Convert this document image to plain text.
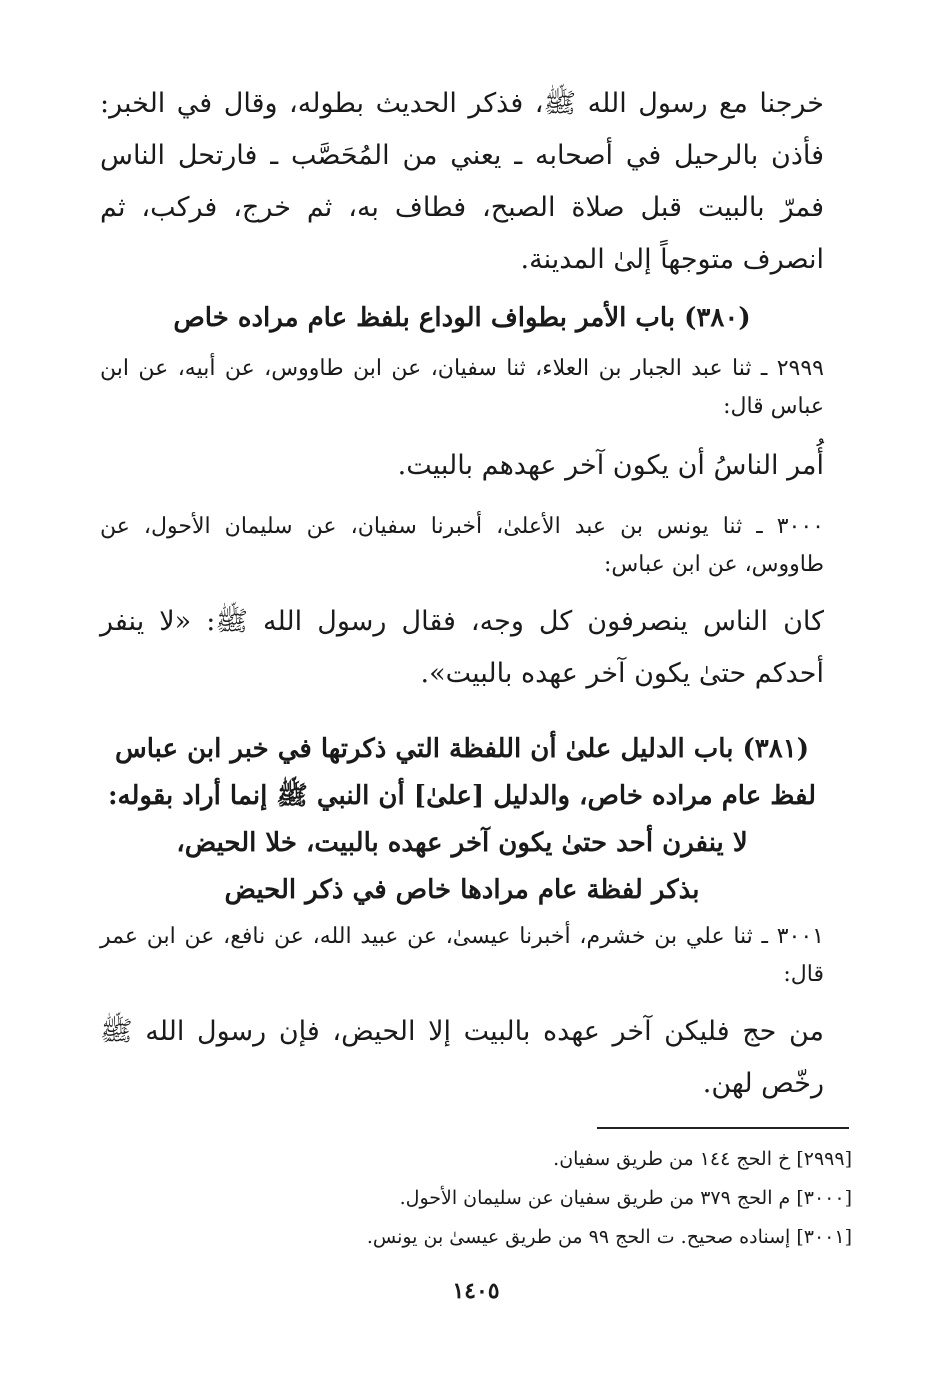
خرجنا مع رسول الله ﷺ، فذكر الحديث بطوله، وقال في الخبر: فأذن بالرحيل في أصحابه ـ يعني من المُحَصَّب ـ فارتحل الناس فمرّ بالبيت قبل صلاة الصبح، فطاف به، ثم خرج، فركب، ثم انصرف متوجهاً إلىٰ المدينة.

(٣٨٠) باب الأمر بطواف الوداع بلفظ عام مراده خاص

٢٩٩٩ ـ ثنا عبد الجبار بن العلاء، ثنا سفيان، عن ابن طاووس، عن أبيه، عن ابن عباس قال:

أُمر الناسُ أن يكون آخر عهدهم بالبيت.

٣٠٠٠ ـ ثنا يونس بن عبد الأعلىٰ، أخبرنا سفيان، عن سليمان الأحول، عن طاووس، عن ابن عباس:

كان الناس ينصرفون كل وجه، فقال رسول الله ﷺ: «لا ينفر أحدكم حتىٰ يكون آخر عهده بالبيت».

(٣٨١) باب الدليل علىٰ أن اللفظة التي ذكرتها في خبر ابن عباس
لفظ عام مراده خاص، والدليل [علىٰ] أن النبي ﷺ إنما أراد بقوله:
لا ينفرن أحد حتىٰ يكون آخر عهده بالبيت، خلا الحيض،
بذكر لفظة عام مرادها خاص في ذكر الحيض

٣٠٠١ ـ ثنا علي بن خشرم، أخبرنا عيسىٰ، عن عبيد الله، عن نافع، عن ابن عمر قال:

من حج فليكن آخر عهده بالبيت إلا الحيض، فإن رسول الله ﷺ رخّص لهن.

[٢٩٩٩] خ الحج ١٤٤ من طريق سفيان.
[٣٠٠٠] م الحج ٣٧٩ من طريق سفيان عن سليمان الأحول.
[٣٠٠١] إسناده صحيح. ت الحج ٩٩ من طريق عيسىٰ بن يونس.
١٤٠٥
